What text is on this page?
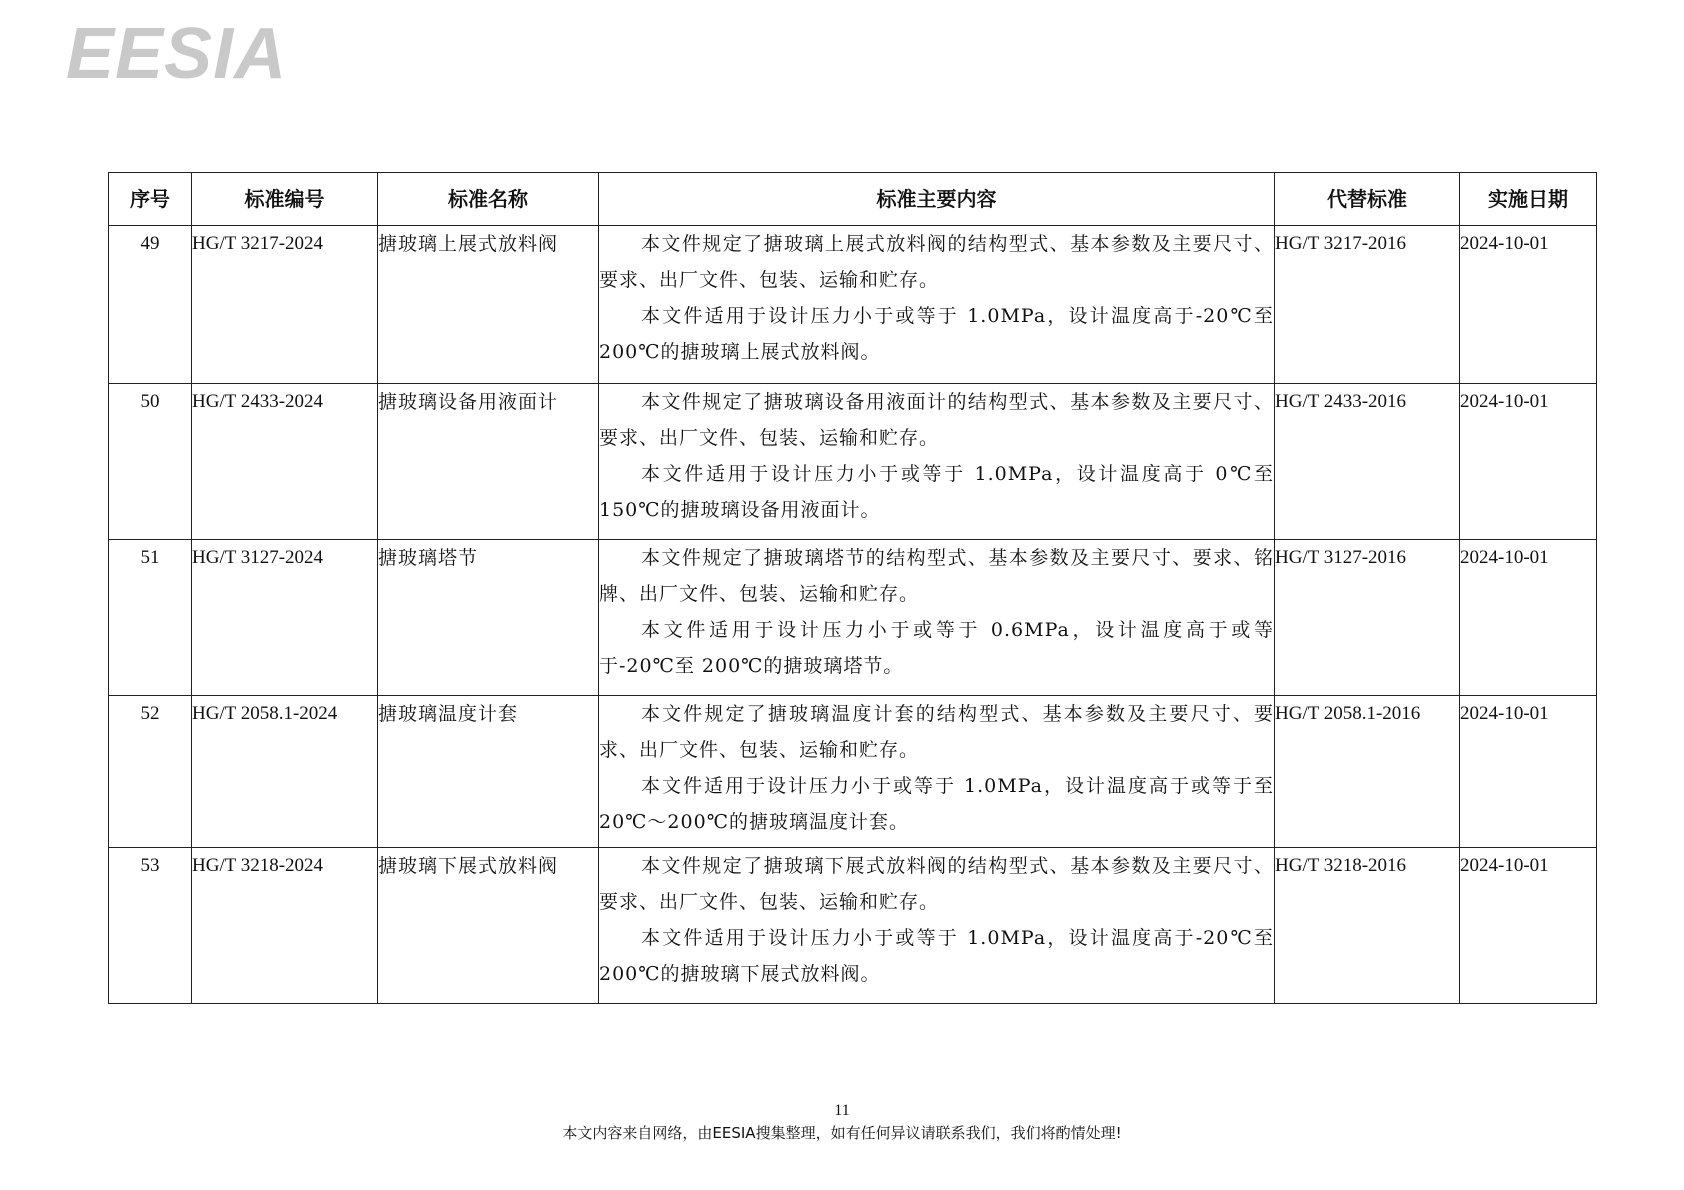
EESIA
序号	标准编号	标准名称	标准主要内容	代替标准	实施日期
49	HG/T 3217-2024	搪玻璃上展式放料阀	本文件规定了搪玻璃上展式放料阀的结构型式、基本参数及主要尺寸、要求、出厂文件、包装、运输和贮存。

本文件适用于设计压力小于或等于 1.0MPa，设计温度高于-20℃至 200℃的搪玻璃上展式放料阀。	HG/T 3217-2016	2024-10-01
50	HG/T 2433-2024	搪玻璃设备用液面计	本文件规定了搪玻璃设备用液面计的结构型式、基本参数及主要尺寸、要求、出厂文件、包装、运输和贮存。

本文件适用于设计压力小于或等于 1.0MPa，设计温度高于 0℃至 150℃的搪玻璃设备用液面计。	HG/T 2433-2016	2024-10-01
51	HG/T 3127-2024	搪玻璃塔节	本文件规定了搪玻璃塔节的结构型式、基本参数及主要尺寸、要求、铭牌、出厂文件、包装、运输和贮存。

本文件适用于设计压力小于或等于 0.6MPa，设计温度高于或等于-20℃至 200℃的搪玻璃塔节。	HG/T 3127-2016	2024-10-01
52	HG/T 2058.1-2024	搪玻璃温度计套	本文件规定了搪玻璃温度计套的结构型式、基本参数及主要尺寸、要求、出厂文件、包装、运输和贮存。

本文件适用于设计压力小于或等于 1.0MPa，设计温度高于或等于至 20℃～200℃的搪玻璃温度计套。	HG/T 2058.1-2016	2024-10-01
53	HG/T 3218-2024	搪玻璃下展式放料阀	本文件规定了搪玻璃下展式放料阀的结构型式、基本参数及主要尺寸、要求、出厂文件、包装、运输和贮存。

本文件适用于设计压力小于或等于 1.0MPa，设计温度高于-20℃至 200℃的搪玻璃下展式放料阀。	HG/T 3218-2016	2024-10-01
11
本文内容来自网络，由EESIA搜集整理，如有任何异议请联系我们，我们将酌情处理!
